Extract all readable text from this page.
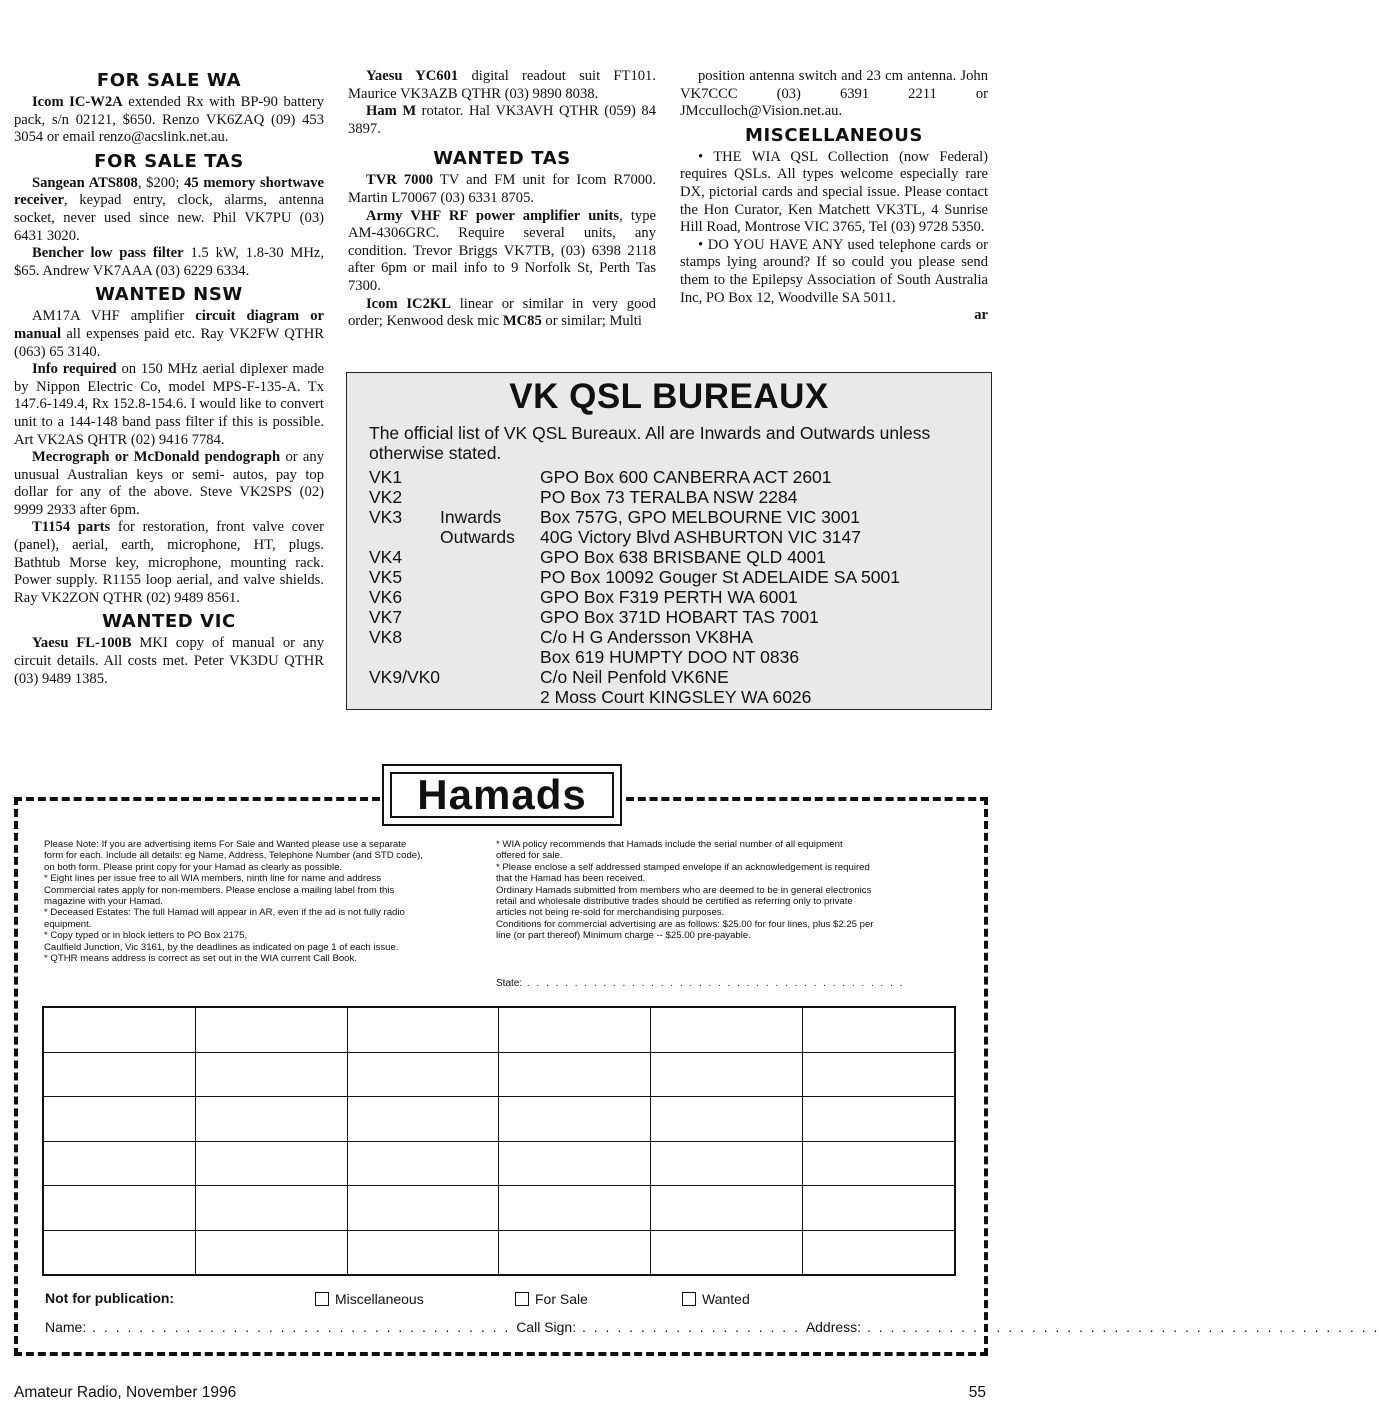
FOR SALE WA

Icom IC-W2A extended Rx with BP-90 battery pack, s/n 02121, $650. Renzo VK6ZAQ (09) 453 3054 or email renzo@acslink.net.au.

FOR SALE TAS

Sangean ATS808, $200; 45 memory shortwave receiver, keypad entry, clock, alarms, antenna socket, never used since new. Phil VK7PU (03) 6431 3020.

Bencher low pass filter 1.5 kW, 1.8-30 MHz, $65. Andrew VK7AAA (03) 6229 6334.

WANTED NSW

AM17A VHF amplifier circuit diagram or manual all expenses paid etc. Ray VK2FW QTHR (063) 65 3140.

Info required on 150 MHz aerial diplexer made by Nippon Electric Co, model MPS-F-135-A. Tx 147.6-149.4, Rx 152.8-154.6. I would like to convert unit to a 144-148 band pass filter if this is possible. Art VK2AS QHTR (02) 9416 7784.

Mecrograph or McDonald pendograph or any unusual Australian keys or semi- autos, pay top dollar for any of the above. Steve VK2SPS (02) 9999 2933 after 6pm.

T1154 parts for restoration, front valve cover (panel), aerial, earth, microphone, HT, plugs. Bathtub Morse key, microphone, mounting rack. Power supply. R1155 loop aerial, and valve shields. Ray VK2ZON QTHR (02) 9489 8561.

WANTED VIC

Yaesu FL-100B MKI copy of manual or any circuit details. All costs met. Peter VK3DU QTHR (03) 9489 1385.

Yaesu YC601 digital readout suit FT101. Maurice VK3AZB QTHR (03) 9890 8038.

Ham M rotator. Hal VK3AVH QTHR (059) 84 3897.

WANTED TAS

TVR 7000 TV and FM unit for Icom R7000. Martin L70067 (03) 6331 8705.

Army VHF RF power amplifier units, type AM-4306GRC. Require several units, any condition. Trevor Briggs VK7TB, (03) 6398 2118 after 6pm or mail info to 9 Norfolk St, Perth Tas 7300.

Icom IC2KL linear or similar in very good order; Kenwood desk mic MC85 or similar; Multi

position antenna switch and 23 cm antenna. John VK7CCC (03) 6391 2211 or JMcculloch@Vision.net.au.

MISCELLANEOUS

• THE WIA QSL Collection (now Federal) requires QSLs. All types welcome especially rare DX, pictorial cards and special issue. Please contact the Hon Curator, Ken Matchett VK3TL, 4 Sunrise Hill Road, Montrose VIC 3765, Tel (03) 9728 5350.

• DO YOU HAVE ANY used telephone cards or stamps lying around? If so could you please send them to the Epilepsy Association of South Australia Inc, PO Box 12, Woodville SA 5011.

ar
VK QSL BUREAUX
The official list of VK QSL Bureaux. All are Inwards and Outwards unless otherwise stated.
VK1		GPO Box 600 CANBERRA ACT 2601
VK2		PO Box 73 TERALBA NSW 2284
VK3	Inwards	Box 757G, GPO MELBOURNE VIC 3001
	Outwards	40G Victory Blvd ASHBURTON VIC 3147
VK4		GPO Box 638 BRISBANE QLD 4001
VK5		PO Box 10092 Gouger St ADELAIDE SA 5001
VK6		GPO Box F319 PERTH WA 6001
VK7		GPO Box 371D HOBART TAS 7001
VK8		C/o H G Andersson VK8HA
		Box 619 HUMPTY DOO NT 0836
VK9/VK0		C/o Neil Penfold VK6NE
		2 Moss Court KINGSLEY WA 6026
Hamads

Please Note: If you are advertising items For Sale and Wanted please use a separate

form for each. Include all details: eg Name, Address, Telephone Number (and STD code),

on both form. Please print copy for your Hamad as clearly as possible.

* Eight lines per issue free to all WIA members, ninth line for name and address

Commercial rates apply for non-members. Please enclose a mailing label from this

magazine with your Hamad.

* Deceased Estates: The full Hamad will appear in AR, even if the ad is not fully radio

equipment.

* Copy typed or in block letters to PO Box 2175,

Caulfield Junction, Vic 3161, by the deadlines as indicated on page 1 of each issue.

* QTHR means address is correct as set out in the WIA current Call Book.

* WIA policy recommends that Hamads include the serial number of all equipment

offered for sale.

* Please enclose a self addressed stamped envelope if an acknowledgement is required

that the Hamad has been received.

Ordinary Hamads submitted from members who are deemed to be in general electronics

retail and wholesale distributive trades should be certified as referring only to private

articles not being re-sold for merchandising purposes.

Conditions for commercial advertising are as follows: $25.00 for four lines, plus $2.25 per

line (or part thereof) Minimum charge -- $25.00 pre-payable.

State: . . . . . . . . . . . . . . . . . . . . . . . . . . . . . . . . . . . . . . . .

Not for publication:	Miscellaneous	For Sale	Wanted
Name: . . . . . . . . . . . . . . . . . . . . . . . . . . . . . . . . . . . . Call Sign: . . . . . . . . . . . . . . . . . . . Address: . . . . . . . . . . . . . . . . . . . . . . . . . . . . . . . . . . . . . . . . . . . .
Amateur Radio, November 1996	55
